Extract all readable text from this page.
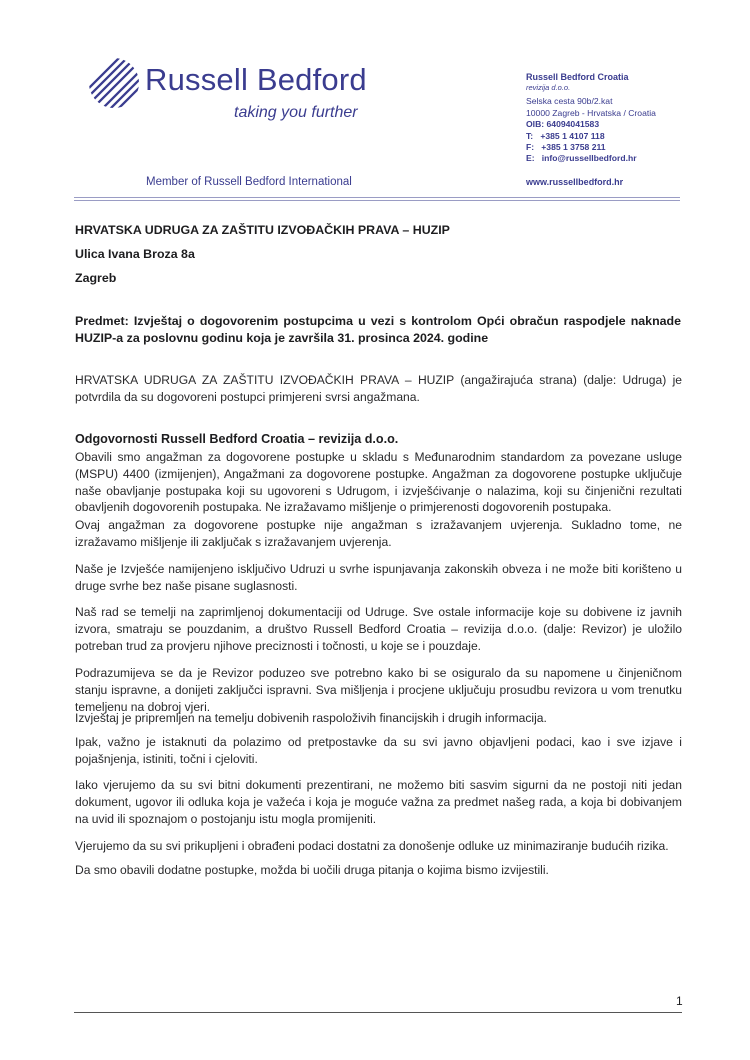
Russell Bedford
taking you further
Member of Russell Bedford International
Russell Bedford Croatia
revizija d.o.o.
Selska cesta 90b/2.kat
10000 Zagreb - Hrvatska / Croatia
OIB: 64094041583
T:   +385 1 4107 118
F:   +385 1 3758 211
E:   info@russellbedford.hr
www.russellbedford.hr
HRVATSKA UDRUGA ZA ZAŠTITU IZVOĐAČKIH PRAVA – HUZIP
Ulica Ivana Broza 8a
Zagreb
Predmet: Izvještaj o dogovorenim postupcima u vezi s kontrolom Opći obračun raspodjele naknade HUZIP-a za poslovnu godinu koja je završila 31. prosinca 2024. godine
HRVATSKA UDRUGA ZA ZAŠTITU IZVOĐAČKIH PRAVA – HUZIP (angažirajuća strana) (dalje: Udruga) je potvrdila da su dogovoreni postupci primjereni svrsi angažmana.
Odgovornosti Russell Bedford Croatia – revizija d.o.o.
Obavili smo angažman za dogovorene postupke u skladu s Međunarodnim standardom za povezane usluge (MSPU) 4400 (izmijenjen), Angažmani za dogovorene postupke. Angažman za dogovorene postupke uključuje naše obavljanje postupaka koji su ugovoreni s Udrugom, i izvješćivanje o nalazima, koji su činjenični rezultati obavljenih dogovorenih postupaka. Ne izražavamo mišljenje o primjerenosti dogovorenih postupaka.
Ovaj angažman za dogovorene postupke nije angažman s izražavanjem uvjerenja. Sukladno tome, ne izražavamo mišljenje ili zaključak s izražavanjem uvjerenja.
Naše je Izvješće namijenjeno isključivo Udruzi u svrhe ispunjavanja zakonskih obveza i ne može biti korišteno u druge svrhe bez naše pisane suglasnosti.
Naš rad se temelji na zaprimljenoj dokumentaciji od Udruge. Sve ostale informacije koje su dobivene iz javnih izvora, smatraju se pouzdanim, a društvo Russell Bedford Croatia – revizija d.o.o. (dalje: Revizor) je uložilo potreban trud za provjeru njihove preciznosti i točnosti, u koje se i pouzdaje.
Podrazumijeva se da je Revizor poduzeo sve potrebno kako bi se osiguralo da su napomene u činjeničnom stanju ispravne, a donijeti zaključci ispravni. Sva mišljenja i procjene uključuju prosudbu revizora u vom trenutku temeljenu na dobroj vjeri.
Izvještaj je pripremljen na temelju dobivenih raspoloživih financijskih i drugih informacija.
Ipak, važno je istaknuti da polazimo od pretpostavke da su svi javno objavljeni podaci, kao i sve izjave i pojašnjenja, istiniti, točni i cjeloviti.
Iako vjerujemo da su svi bitni dokumenti prezentirani, ne možemo biti sasvim sigurni da ne postoji niti jedan dokument, ugovor ili odluka koja je važeća i koja je moguće važna za predmet našeg rada, a koja bi dobivanjem na uvid ili spoznajom o postojanju istu mogla promijeniti.
Vjerujemo da su svi prikupljeni i obrađeni podaci dostatni za donošenje odluke uz minimaziranje budućih rizika.
Da smo obavili dodatne postupke, možda bi uočili druga pitanja o kojima bismo izvijestili.
1
